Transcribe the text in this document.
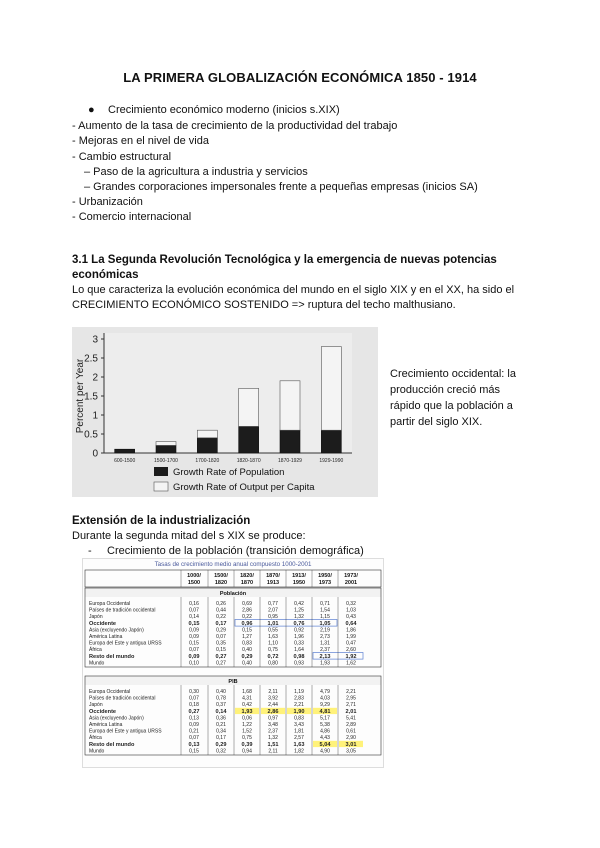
LA PRIMERA GLOBALIZACIÓN ECONÓMICA 1850 - 1914
● Crecimiento económico moderno (inicios s.XIX)
- Aumento de la tasa de crecimiento de la productividad del trabajo
- Mejoras en el nivel de vida
- Cambio estructural
– Paso de la agricultura a industria y servicios
– Grandes corporaciones impersonales frente a pequeñas empresas (inicios SA)
- Urbanización
- Comercio internacional
3.1 La Segunda Revolución Tecnológica y la emergencia de nuevas potencias
económicas
Lo que caracteriza la evolución económica del mundo en el siglo XIX y en el XX, ha sido el
CRECIMIENTO ECONÓMICO SOSTENIDO => ruptura del techo malthusiano.
3
2.5
2
1.5
1
0.5
0
Percent per Year
600-1500	1500-1700	1700-1820	1820-1870	1870-1929	1929-1990
Growth Rate of Population
Growth Rate of Output per Capita
Crecimiento occidental: la
producción creció más
rápido que la población a
partir del siglo XIX.
Extensión de la industrialización
Durante la segunda mitad del s XIX se produce:
- Crecimiento de la población (transición demográfica)
Tasas de crecimiento medio anual compuesto 1000-2001
1000/
1500
1500/
1820
1820/
1870
1870/
1913
1913/
1950
1950/
1973
1973/
2001
Población
Europa Occidental	0,16	0,26	0,69	0,77	0,42	0,71	0,32
Países de tradición occidental	0,07	0,44	2,86	2,07	1,25	1,54	1,03
Japón	0,14	0,22	0,22	0,95	1,32	1,15	0,43
Occidente	0,15	0,17	0,96	1,01	0,76	1,05	0,64
Asia (excluyendo Japón)	0,09	0,29	0,15	0,55	0,92	2,19	1,86
América Latina	0,09	0,07	1,27	1,63	1,96	2,73	1,99
Europa del Este y antigua URSS	0,15	0,35	0,83	1,10	0,33	1,31	0,47
África	0,07	0,15	0,40	0,75	1,64	2,37	2,60
Resto del mundo	0,09	0,27	0,29	0,72	0,98	2,13	1,92
Mundo	0,10	0,27	0,40	0,80	0,93	1,93	1,62
PIB
Europa Occidental	0,30	0,40	1,68	2,11	1,19	4,79	2,21
Países de tradición occidental	0,07	0,78	4,31	3,92	2,83	4,03	2,95
Japón	0,18	0,37	0,42	2,44	2,21	9,29	2,71
Occidente	0,27	0,14	1,93	2,86	1,90	4,81	2,01
Asia (excluyendo Japón)	0,13	0,36	0,06	0,97	0,83	5,17	5,41
América Latina	0,09	0,21	1,22	3,48	3,43	5,38	2,89
Europa del Este y antigua URSS	0,21	0,34	1,52	2,37	1,81	4,86	0,61
África	0,07	0,17	0,75	1,32	2,57	4,43	2,90
Resto del mundo	0,13	0,29	0,39	1,51	1,63	5,04	3,01
Mundo	0,15	0,32	0,94	2,11	1,82	4,90	3,05
